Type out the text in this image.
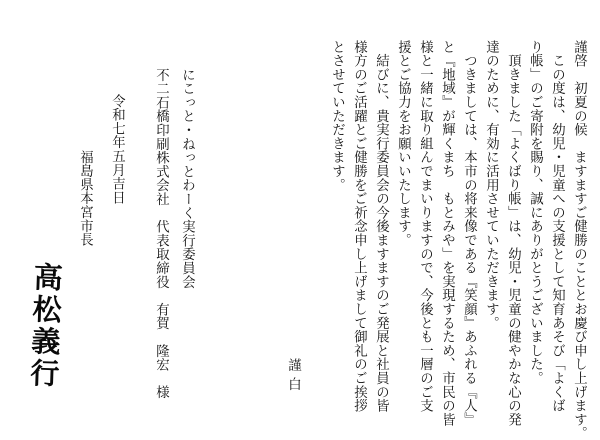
謹啓　初夏の候　ますますご健勝のこととお慶び申し上げます。
　この度は、幼児・児童への支援として知育あそび「よくば
り帳」のご寄附を賜り、誠にありがとうございました。
　頂きました「よくばり帳」は、幼児・児童の健やかな心の発
達のために、有効に活用させていただきます。
　つきましては、本市の将来像である『笑顔』あふれる『人』
と『地域』が輝くまち　もとみや」を実現するため、市民の皆
様と一緒に取り組んでまいりますので、今後とも一層のご支
援とご協力をお願いいたします。
　結びに、貴実行委員会の今後ますますのご発展と社員の皆
様方のご活躍とご健勝をご祈念申し上げまして御礼のご挨拶
とさせていただきます。
謹白
にこっと・ねっとわーく実行委員会
不二石橋印刷株式会社　代表取締役　有賀　隆宏　様
令和七年五月吉日
福島県本宮市長
高松義行
